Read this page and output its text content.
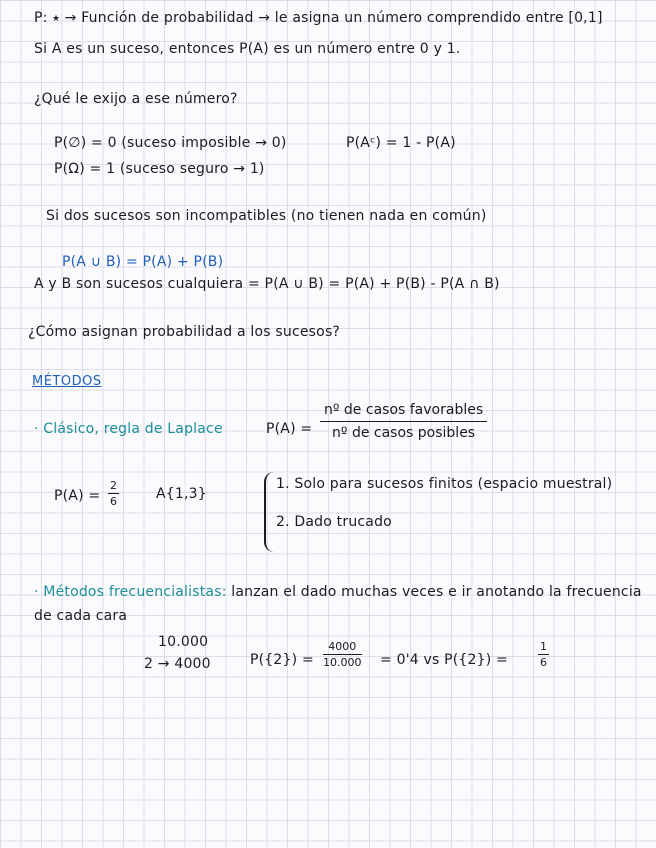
P: ⭑ → Función de probabilidad → le asigna un número comprendido entre [0,1]
Si A es un suceso, entonces P(A) es un número entre 0 y 1.
¿Qué le exijo a ese número?
P(∅) = 0 (suceso imposible → 0)	P(Aᶜ) = 1 - P(A)
P(Ω) = 1 (suceso seguro → 1)
Si dos sucesos son incompatibles (no tienen nada en común)
P(A ∪ B) = P(A) + P(B)
A y B son sucesos cualquiera = P(A ∪ B) = P(A) + P(B) - P(A ∩ B)
¿Cómo asignan probabilidad a los sucesos?
MÉTODOS
· Clásico, regla de Laplace	P(A) =
nº de casos favorables
nº de casos posibles
$P(A) = \frac{2}{6}$	A{1,3}
1. Solo para sucesos finitos (espacio muestral)
2. Dado trucado
· Métodos frecuencialistas: lanzan el dado muchas veces e ir anotando la frecuencia
de cada cara
10.000
2 → 4000	$P(\{2\}) = \frac{4000}{10.000} = 0'4$ vs P({2}) =	$\frac{1}{6}$
